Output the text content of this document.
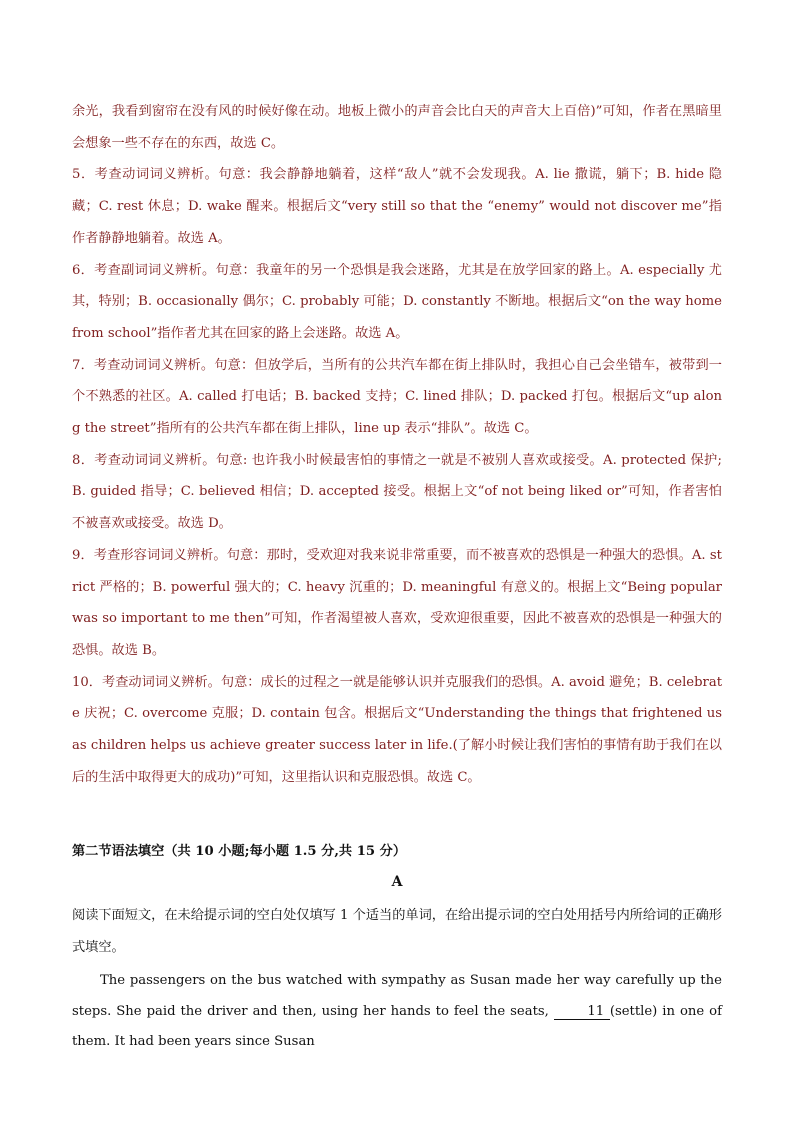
余光，我看到窗帘在没有风的时候好像在动。地板上微小的声音会比白天的声音大上百倍)”可知，作者在黑暗里会想象一些不存在的东西，故选 C。

5．考查动词词义辨析。句意：我会静静地躺着，这样“敌人”就不会发现我。A. lie 撒谎，躺下；B. hide 隐藏；C. rest 休息；D. wake 醒来。根据后文“very still so that the “enemy” would not discover me”指作者静静地躺着。故选 A。

6．考查副词词义辨析。句意：我童年的另一个恐惧是我会迷路，尤其是在放学回家的路上。A. especially 尤其，特别；B. occasionally 偶尔；C. probably 可能；D. constantly 不断地。根据后文“on the way home from school”指作者尤其在回家的路上会迷路。故选 A。

7．考查动词词义辨析。句意：但放学后，当所有的公共汽车都在街上排队时，我担心自己会坐错车，被带到一个不熟悉的社区。A. called 打电话；B. backed 支持；C. lined 排队；D. packed 打包。根据后文“up along the street”指所有的公共汽车都在街上排队，line up 表示“排队”。故选 C。

8．考查动词词义辨析。句意: 也许我小时候最害怕的事情之一就是不被别人喜欢或接受。A. protected 保护; B. guided 指导；C. believed 相信；D. accepted 接受。根据上文“of not being liked or”可知，作者害怕不被喜欢或接受。故选 D。

9．考查形容词词义辨析。句意：那时，受欢迎对我来说非常重要，而不被喜欢的恐惧是一种强大的恐惧。A. strict 严格的；B. powerful 强大的；C. heavy 沉重的；D. meaningful 有意义的。根据上文“Being popular was so important to me then”可知，作者渴望被人喜欢，受欢迎很重要，因此不被喜欢的恐惧是一种强大的恐惧。故选 B。

10．考查动词词义辨析。句意：成长的过程之一就是能够认识并克服我们的恐惧。A. avoid 避免；B. celebrate 庆祝；C. overcome 克服；D. contain 包含。根据后文“Understanding the things that frightened us as children helps us achieve greater success later in life.(了解小时候让我们害怕的事情有助于我们在以后的生活中取得更大的成功)”可知，这里指认识和克服恐惧。故选 C。

第二节语法填空（共 10 小题;每小题 1.5 分,共 15 分）

A

阅读下面短文，在未给提示词的空白处仅填写 1 个适当的单词，在给出提示词的空白处用括号内所给词的正确形式填空。

The passengers on the bus watched with sympathy as Susan made her way carefully up the steps. She paid the driver and then, using her hands to feel the seats,	11 (settle) in one of them. It had been years since Susan
